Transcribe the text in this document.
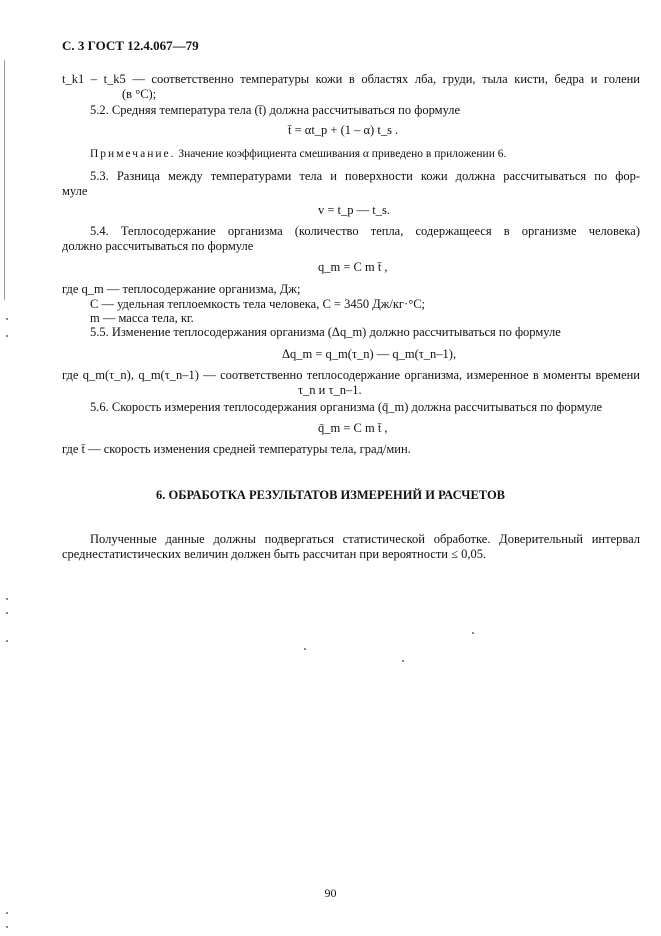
С. 3 ГОСТ 12.4.067—79
t_k1 – t_k5 — соответственно температуры кожи в областях лба, груди, тыла кисти, бедра и голени
(в °С);
5.2. Средняя температура тела (t̄) должна рассчитываться по формуле
t̄ = αt_р + (1 – α) t_s .
Примечание. Значение коэффициента смешивания α приведено в приложении 6.
5.3. Разница между температурами тела и поверхности кожи должна рассчитываться по фор-
муле
v = t_р — t_s.
5.4. Теплосодержание организма (количество тепла, содержащееся в организме человека)
должно рассчитываться по формуле
q_m = C m t̄ ,
где q_m — теплосодержание организма, Дж;
C — удельная теплоемкость тела человека, C = 3450 Дж/кг·°С;
m — масса тела, кг.
5.5. Изменение теплосодержания организма (Δq_m) должно рассчитываться по формуле
Δq_m = q_m(τ_n) — q_m(τ_n–1),
где q_m(τ_n), q_m(τ_n–1) — соответственно теплосодержание организма, измеренное в моменты времени
τ_n и τ_n–1.
5.6. Скорость измерения теплосодержания организма (q̄_m) должна рассчитываться по формуле
q̄_m = C m t̄ ,
где t̄ — скорость изменения средней температуры тела, град/мин.
6. ОБРАБОТКА РЕЗУЛЬТАТОВ ИЗМЕРЕНИЙ И РАСЧЕТОВ
Полученные данные должны подвергаться статистической обработке. Доверительный интервал
среднестатистических величин должен быть рассчитан при вероятности ≤ 0,05.
90
